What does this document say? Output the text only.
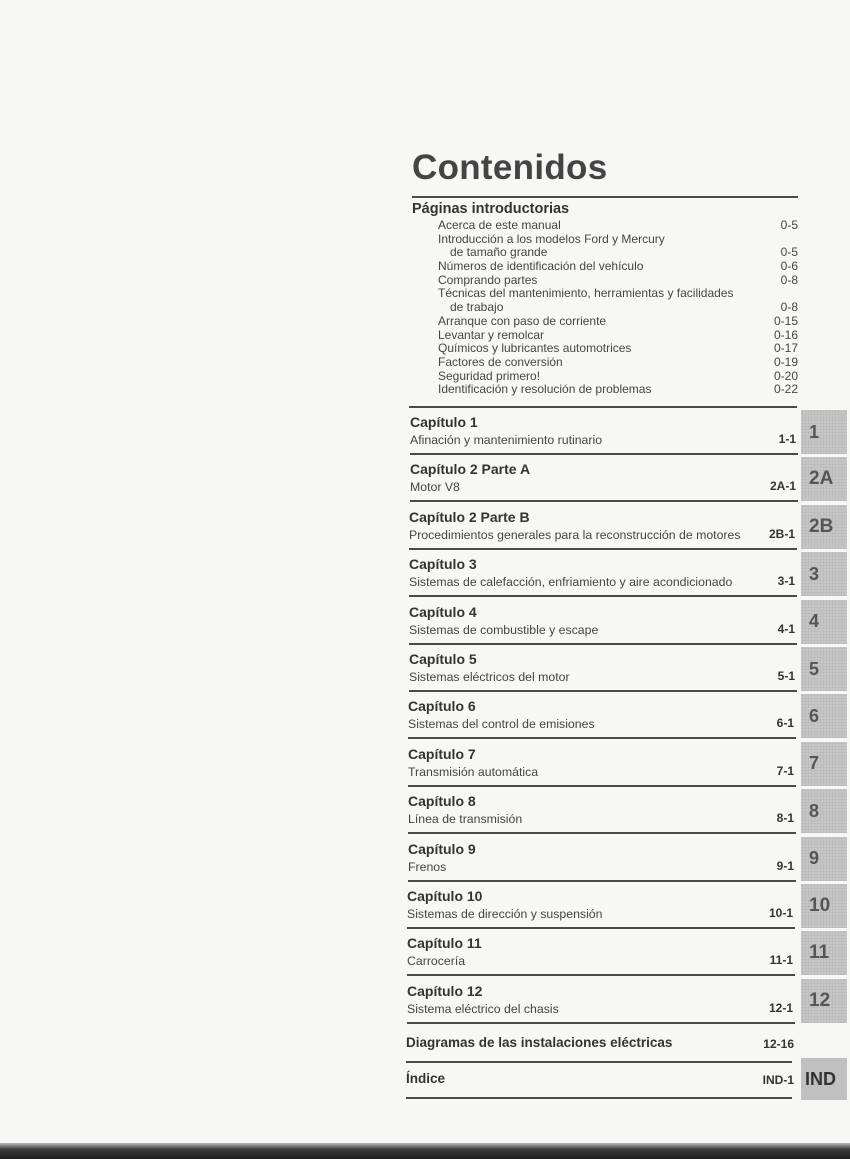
Contenidos
Páginas introductorias
Acerca de este manual	0-5
Introducción a los modelos Ford y Mercury
de tamaño grande	0-5
Números de identificación del vehículo	0-6
Comprando partes	0-8
Técnicas del mantenimiento, herramientas y facilidades
de trabajo	0-8
Arranque con paso de corriente	0-15
Levantar y remolcar	0-16
Químicos y lubricantes automotrices	0-17
Factores de conversión	0-19
Seguridad primero!	0-20
Identificación y resolución de problemas	0-22
Capítulo 1
Afinación y mantenimiento rutinario	1-1
Capítulo 2 Parte A
Motor V8	2A-1
Capítulo 2 Parte B
Procedimientos generales para la reconstrucción de motores	2B-1
Capítulo 3
Sistemas de calefacción, enfriamiento y aire acondicionado	3-1
Capítulo 4
Sistemas de combustible y escape	4-1
Capítulo 5
Sistemas eléctricos del motor	5-1
Capítulo 6
Sistemas del control de emisiones	6-1
Capítulo 7
Transmisión automática	7-1
Capítulo 8
Línea de transmisión	8-1
Capítulo 9
Frenos	9-1
Capítulo 10
Sistemas de dirección y suspensión	10-1
Capítulo 11
Carrocería	11-1
Capítulo 12
Sistema eléctrico del chasis	12-1
Diagramas de las instalaciones eléctricas	12-16
Índice	IND-1 IND
1
2A
2B
3
4
5
6
7
8
9
10
11
12
